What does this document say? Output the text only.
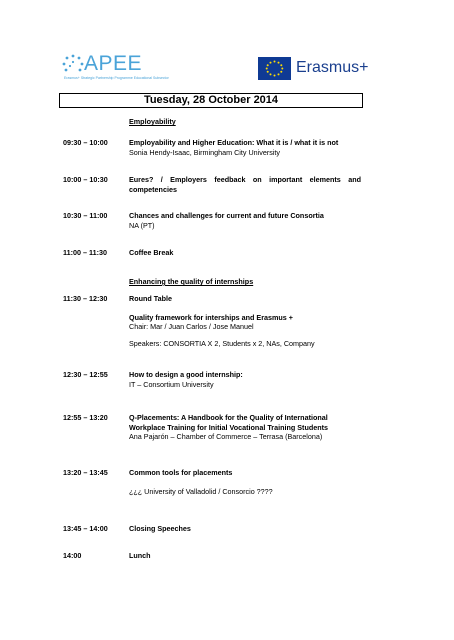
APEE
Erasmus+ Strategic Partnership Programme Educational Subsector
Erasmus+
Tuesday, 28 October 2014
Employability
09:30 – 10:00	Employability and Higher Education: What it is / what it is not
Sonia Hendy-Isaac, Birmingham City University
10:00 – 10:30	Eures? / Employers feedback on important elements and
competencies
10:30 – 11:00	Chances and challenges for current and future Consortia
NA (PT)
11:00 – 11:30	Coffee Break
Enhancing the quality of internships
11:30 – 12:30	Round Table
Quality framework for interships and Erasmus +
Chair: Mar / Juan Carlos / Jose Manuel
Speakers: CONSORTIA X 2, Students x 2, NAs, Company
12:30 – 12:55	How to design a good internship:
IT – Consortium University
12:55 – 13:20	Q-Placements: A Handbook for the Quality of International
Workplace Training for Initial Vocational Training Students
Ana Pajarón – Chamber of Commerce – Terrasa (Barcelona)
13:20 – 13:45	Common tools for placements
¿¿¿ University of Valladolid / Consorcio ????
13:45 – 14:00	Closing Speeches
14:00	Lunch
